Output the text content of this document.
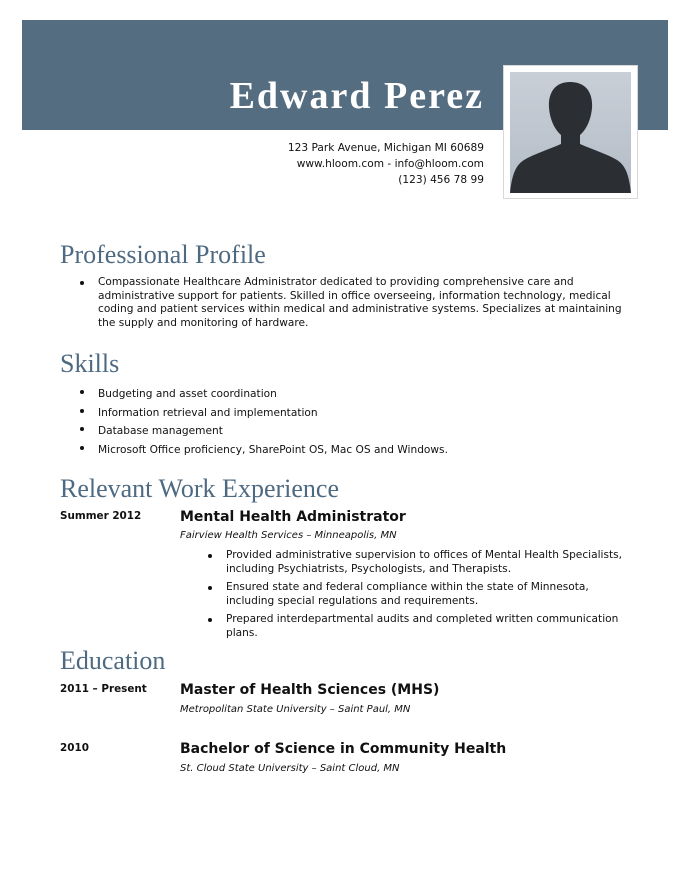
Edward Perez
123 Park Avenue, Michigan MI 60689
www.hloom.com - info@hloom.com
(123) 456 78 99
Professional Profile
Compassionate Healthcare Administrator dedicated to providing comprehensive care and administrative support for patients. Skilled in office overseeing, information technology, medical coding and patient services within medical and administrative systems. Specializes at maintaining the supply and monitoring of hardware.
Skills
Budgeting and asset coordination
Information retrieval and implementation
Database management
Microsoft Office proficiency, SharePoint OS, Mac OS and Windows.
Relevant Work Experience
Summer 2012	Mental Health Administrator
Fairview Health Services – Minneapolis, MN
Provided administrative supervision to offices of Mental Health Specialists, including Psychiatrists, Psychologists, and Therapists.
Ensured state and federal compliance within the state of Minnesota, including special regulations and requirements.
Prepared interdepartmental audits and completed written communication plans.
Education
2011 – Present Master of Health Sciences (MHS)
Metropolitan State University – Saint Paul, MN
2010	Bachelor of Science in Community Health
St. Cloud State University – Saint Cloud, MN
